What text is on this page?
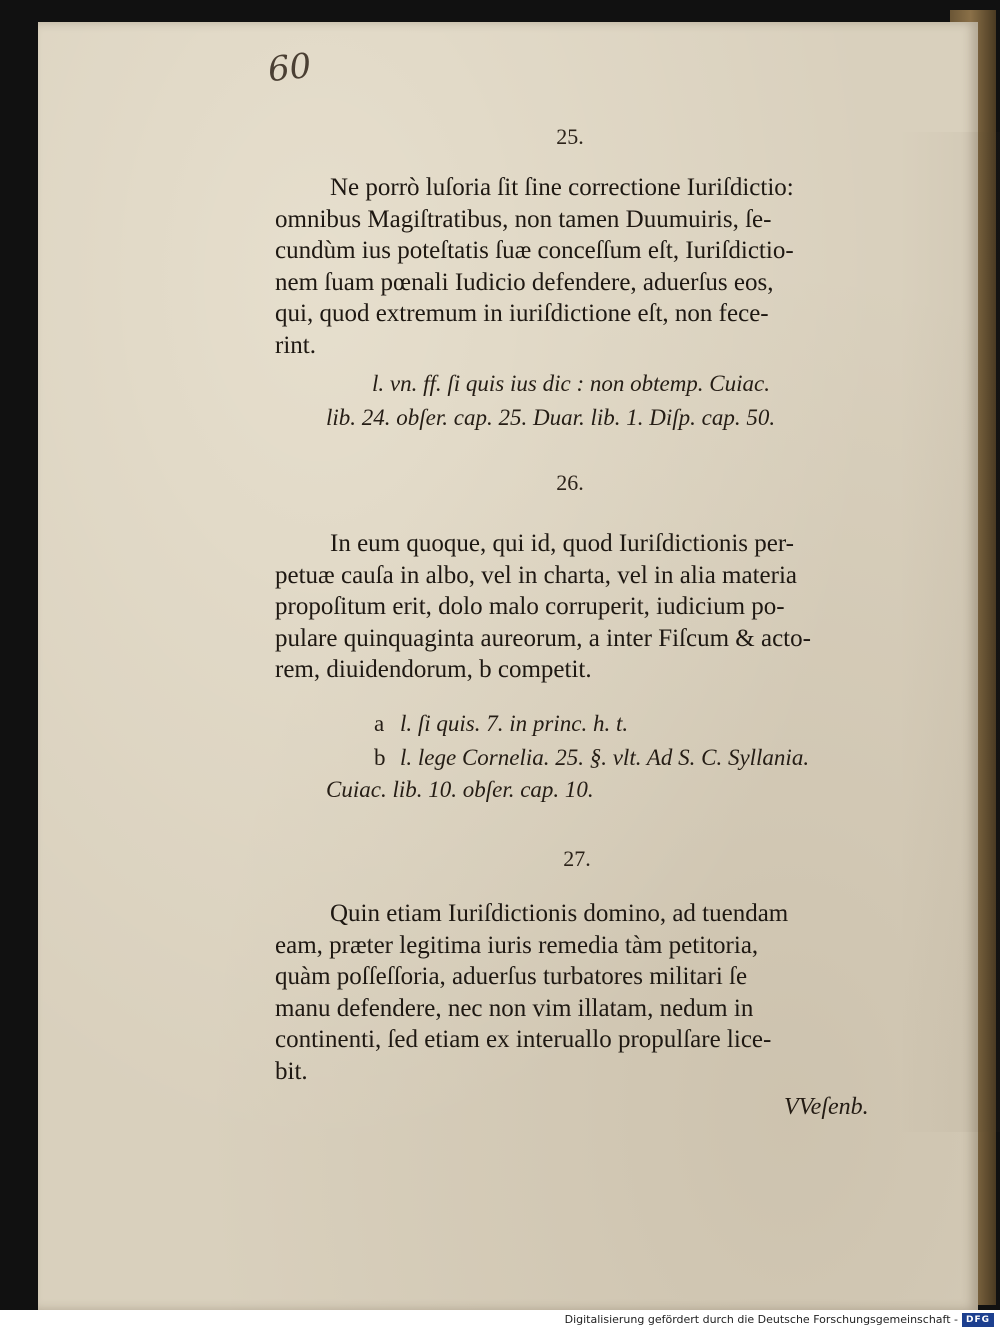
60
25.
Ne porrò luſoria ſit ſine correctione Iuriſdictio:
omnibus Magiſtratibus, non tamen Duumuiris, ſe-
cundùm ius poteſtatis ſuæ conceſſum eſt, Iuriſdictio-
nem ſuam pœnali Iudicio defendere, aduerſus eos,
qui, quod extremum in iuriſdictione eſt, non fece-
rint.
l. vn. ff. ſi quis ius dic : non obtemp. Cuiac.
lib. 24. obſer. cap. 25. Duar. lib. 1. Diſp. cap. 50.
26.
In eum quoque, qui id, quod Iuriſdictionis per-
petuæ cauſa in albo, vel in charta, vel in alia materia
propoſitum erit, dolo malo corruperit, iudicium po-
pulare quinquaginta aureorum, a inter Fiſcum & acto-
rem, diuidendorum, b competit.
a l. ſi quis. 7. in princ. h. t.
b l. lege Cornelia. 25. §. vlt. Ad S. C. Syllania.
Cuiac. lib. 10. obſer. cap. 10.
27.
Quin etiam Iuriſdictionis domino, ad tuendam
eam, præter legitima iuris remedia tàm petitoria,
quàm poſſeſſoria, aduerſus turbatores militari ſe
manu defendere, nec non vim illatam, nedum in
continenti, ſed etiam ex interuallo propulſare lice-
bit.
VVeſenb.
Digitalisierung gefördert durch die Deutsche Forschungsgemeinschaft - DFG
